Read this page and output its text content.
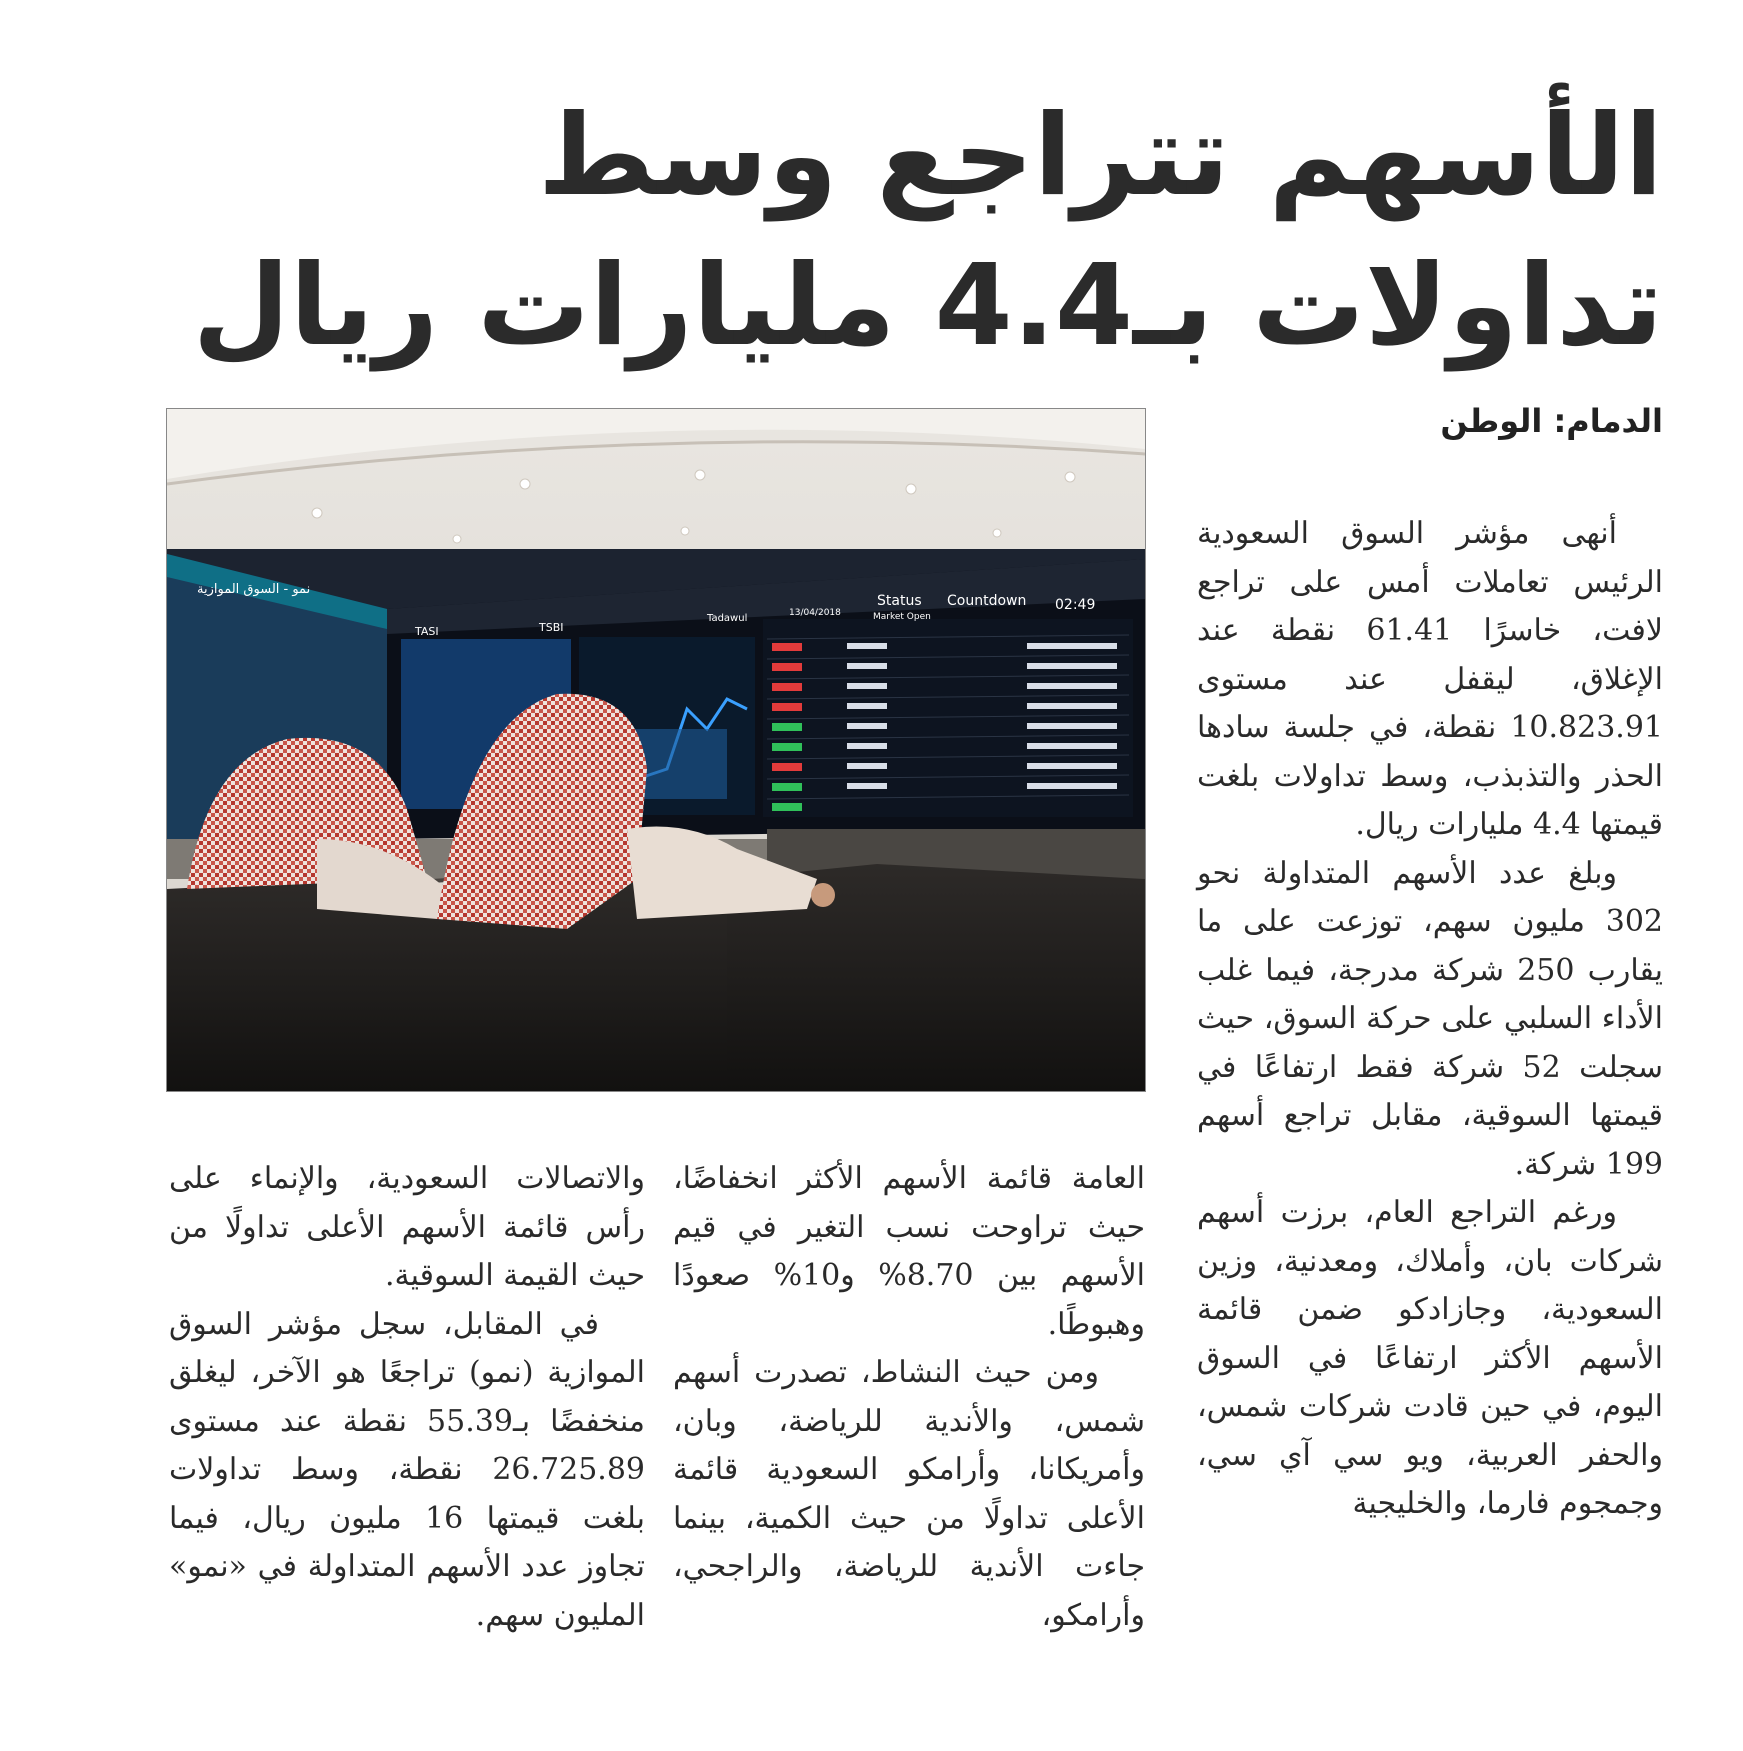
الأسهم تتراجع وسط
تداولات بـ4.4 مليارات ريال
الدمام: الوطن
Status
Market Open
Countdown 02:49
TASI	TSBI
Tadawul	13/04/2018
نمو - السوق الموازية

أنهى مؤشر السوق السعودية الرئيس تعاملات أمس على تراجع لافت، خاسرًا 61.41 نقطة عند الإغلاق، ليقفل عند مستوى 10.823.91 نقطة، في جلسة سادها الحذر والتذبذب، وسط تداولات بلغت قيمتها 4.4 مليارات ريال.

وبلغ عدد الأسهم المتداولة نحو 302 مليون سهم، توزعت على ما يقارب 250 شركة مدرجة، فيما غلب الأداء السلبي على حركة السوق، حيث سجلت 52 شركة فقط ارتفاعًا في قيمتها السوقية، مقابل تراجع أسهم 199 شركة.

ورغم التراجع العام، برزت أسهم شركات بان، وأملاك، ومعدنية، وزين السعودية، وجازادكو ضمن قائمة الأسهم الأكثر ارتفاعًا في السوق اليوم، في حين قادت شركات شمس، والحفر العربية، ويو سي آي سي، وجمجوم فارما، والخليجية

العامة قائمة الأسهم الأكثر انخفاضًا، حيث تراوحت نسب التغير في قيم الأسهم بين 8.70% و10% صعودًا وهبوطًا.

ومن حيث النشاط، تصدرت أسهم شمس، والأندية للرياضة، وبان، وأمريكانا، وأرامكو السعودية قائمة الأعلى تداولًا من حيث الكمية، بينما جاءت الأندية للرياضة، والراجحي، وأرامكو،

والاتصالات السعودية، والإنماء على رأس قائمة الأسهم الأعلى تداولًا من حيث القيمة السوقية.

في المقابل، سجل مؤشر السوق الموازية (نمو) تراجعًا هو الآخر، ليغلق منخفضًا بـ55.39 نقطة عند مستوى 26.725.89 نقطة، وسط تداولات بلغت قيمتها 16 مليون ريال، فيما تجاوز عدد الأسهم المتداولة في «نمو» المليون سهم.
